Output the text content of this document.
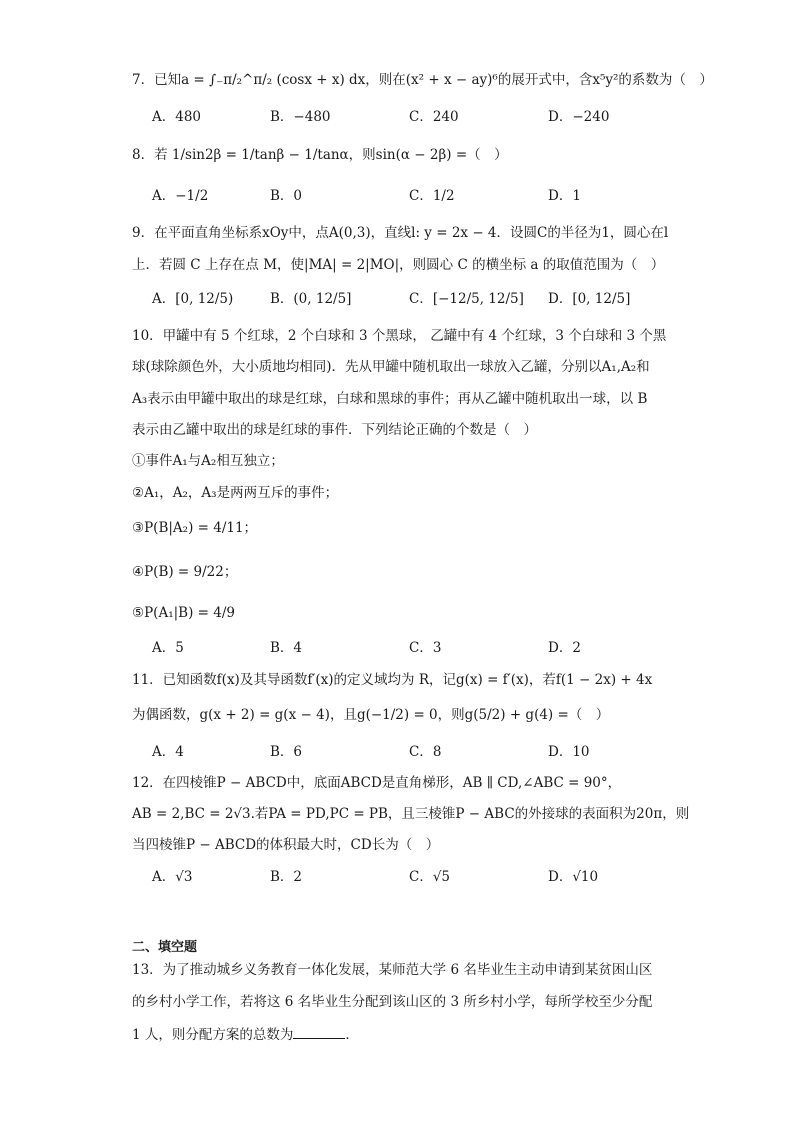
7．已知a = ∫₋π/₂^π/₂ (cosx + x) dx，则在(x² + x − ay)⁶的展开式中，含x⁵y²的系数为（　）
A．480	B．−480	C．240	D．−240
8．若 1/sin2β = 1/tanβ − 1/tanα，则sin(α − 2β) =（　）
A．−1/2	B．0	C．1/2	D．1
9．在平面直角坐标系xOy中，点A(0,3)，直线l: y = 2x − 4．设圆C的半径为1，圆心在l
上．若圆 C 上存在点 M，使|MA| = 2|MO|，则圆心 C 的横坐标 a 的取值范围为（　）
A．[0, 12/5)	B．(0, 12/5]	C．[−12/5, 12/5] D．[0, 12/5]
10．甲罐中有 5 个红球，2 个白球和 3 个黑球， 乙罐中有 4 个红球，3 个白球和 3 个黑
球(球除颜色外，大小质地均相同)．先从甲罐中随机取出一球放入乙罐，分别以A₁,A₂和
A₃表示由甲罐中取出的球是红球，白球和黑球的事件；再从乙罐中随机取出一球，以 B
表示由乙罐中取出的球是红球的事件．下列结论正确的个数是（　）
①事件A₁与A₂相互独立；
②A₁，A₂，A₃是两两互斥的事件；
③P(B|A₂) = 4/11；
④P(B) = 9/22；
⑤P(A₁|B) = 4/9
A．5	B．4	C．3	D．2
11．已知函数f(x)及其导函数f′(x)的定义域均为 R，记g(x) = f′(x)，若f(1 − 2x) + 4x
为偶函数，g(x + 2) = g(x − 4)，且g(−1/2) = 0，则g(5/2) + g(4) =（　）
A．4	B．6	C．8	D．10
12．在四棱锥P − ABCD中，底面ABCD是直角梯形，AB ∥ CD,∠ABC = 90°，
AB = 2,BC = 2√3.若PA = PD,PC = PB，且三棱锥P − ABC的外接球的表面积为20π，则
当四棱锥P − ABCD的体积最大时，CD长为（　）
A．√3	B．2	C．√5	D．√10
二、填空题
13．为了推动城乡义务教育一体化发展，某师范大学 6 名毕业生主动申请到某贫困山区
的乡村小学工作，若将这 6 名毕业生分配到该山区的 3 所乡村小学，每所学校至少分配
1 人，则分配方案的总数为	．
